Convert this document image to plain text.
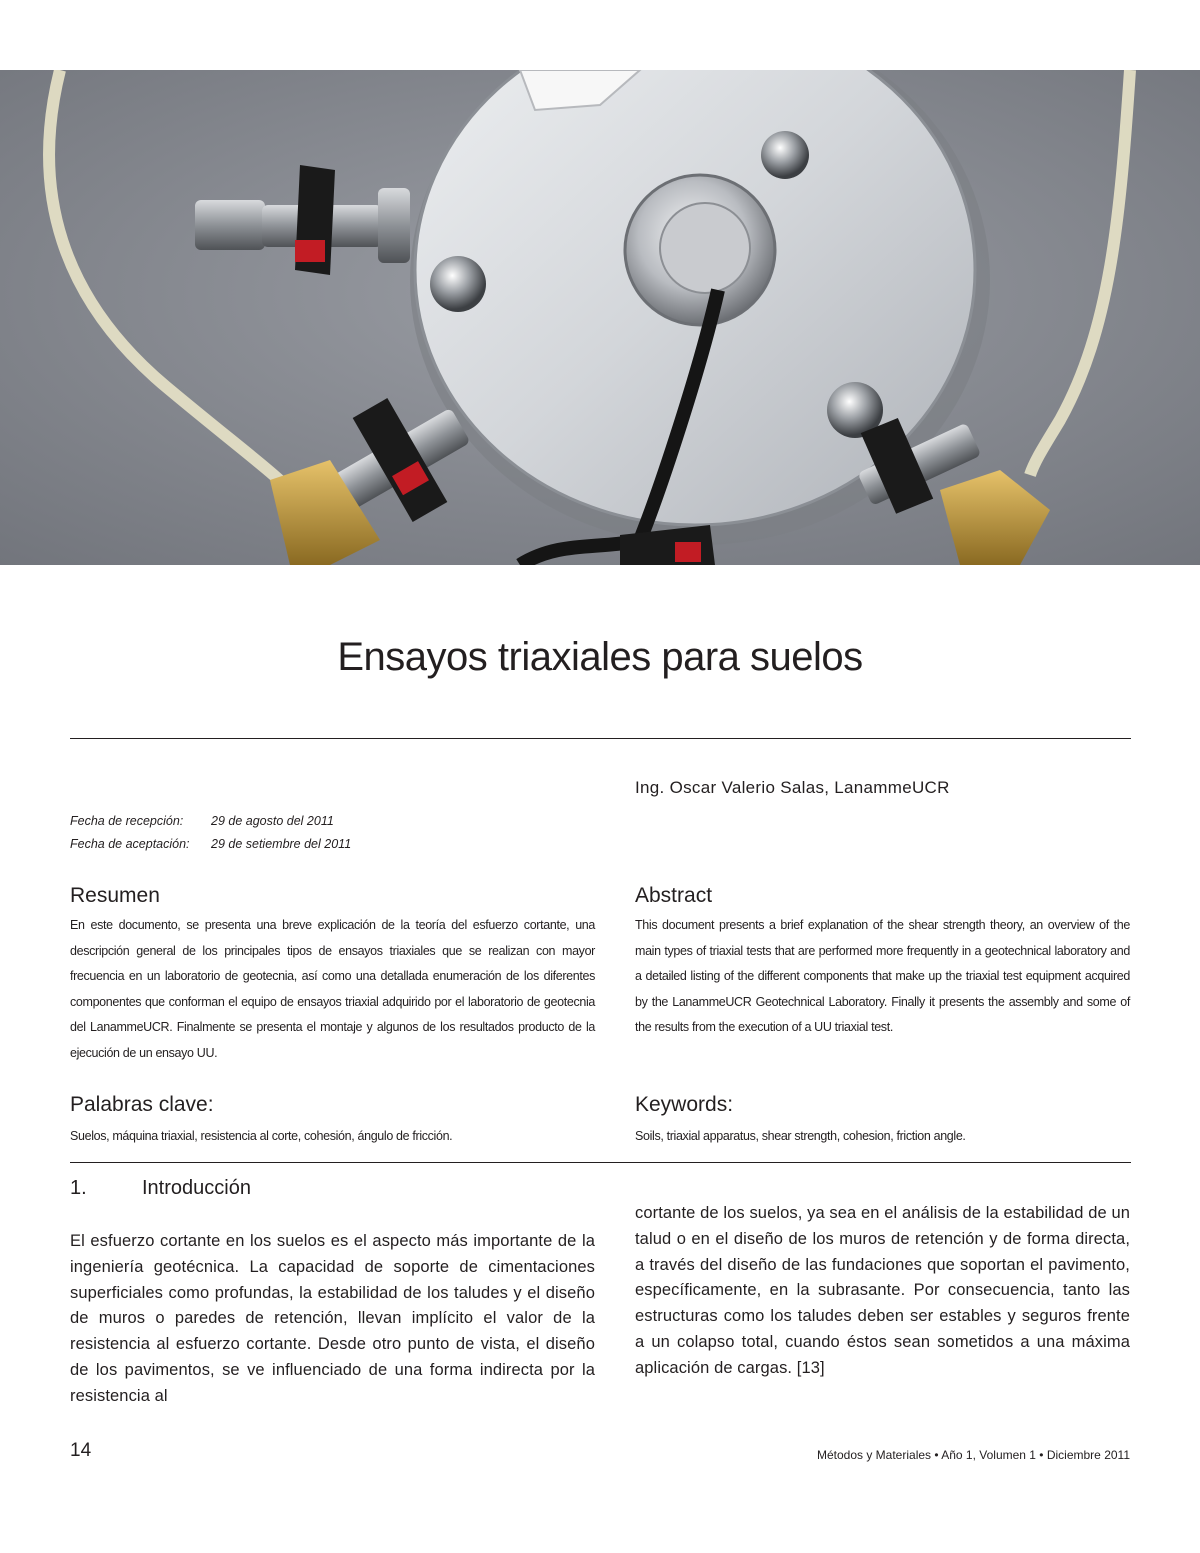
Ensayos triaxiales para suelos
Ing. Oscar Valerio Salas, LanammeUCR
Fecha de recepción:	29 de agosto del 2011
Fecha de aceptación:	29 de setiembre del 2011
Resumen

En este documento, se presenta una breve explicación de la teoría del esfuerzo cortante, una descripción general de los principales tipos de ensayos triaxiales que se realizan con mayor frecuencia en un laboratorio de geotecnia, así como una detallada enumeración de los diferentes componentes que conforman el equipo de ensayos triaxial adquirido por el laboratorio de geotecnia del LanammeUCR. Finalmente se presenta el montaje y algunos de los resultados producto de la ejecución de un ensayo UU.

Abstract

This document presents a brief explanation of the shear strength theory, an overview of the main types of triaxial tests that are performed more frequently in a geotechnical laboratory and a detailed listing of the different components that make up the triaxial test equipment acquired by the LanammeUCR Geotechnical Laboratory. Finally it presents the assembly and some of the results from the execution of a UU triaxial test.

Palabras clave:

Suelos, máquina triaxial, resistencia al corte, cohesión, ángulo de fricción.

Keywords:

Soils, triaxial apparatus, shear strength, cohesion, friction angle.

1.	Introducción

El esfuerzo cortante en los suelos es el aspecto más importante de la ingeniería geotécnica. La capacidad de soporte de cimentaciones superficiales como profundas, la estabilidad de los taludes y el diseño de muros o paredes de retención, llevan implícito el valor de la resistencia al esfuerzo cortante. Desde otro punto de vista, el diseño de los pavimentos, se ve influenciado de una forma indirecta por la resistencia al

cortante de los suelos, ya sea en el análisis de la estabilidad de un talud o en el diseño de los muros de retención y de forma directa, a través del diseño de las fundaciones que soportan el pavimento, específicamente, en la subrasante. Por consecuencia, tanto las estructuras como los taludes deben ser estables y seguros frente a un colapso total, cuando éstos sean sometidos a una máxima aplicación de cargas. [13]

14	Métodos y Materiales • Año 1, Volumen 1 • Diciembre 2011
